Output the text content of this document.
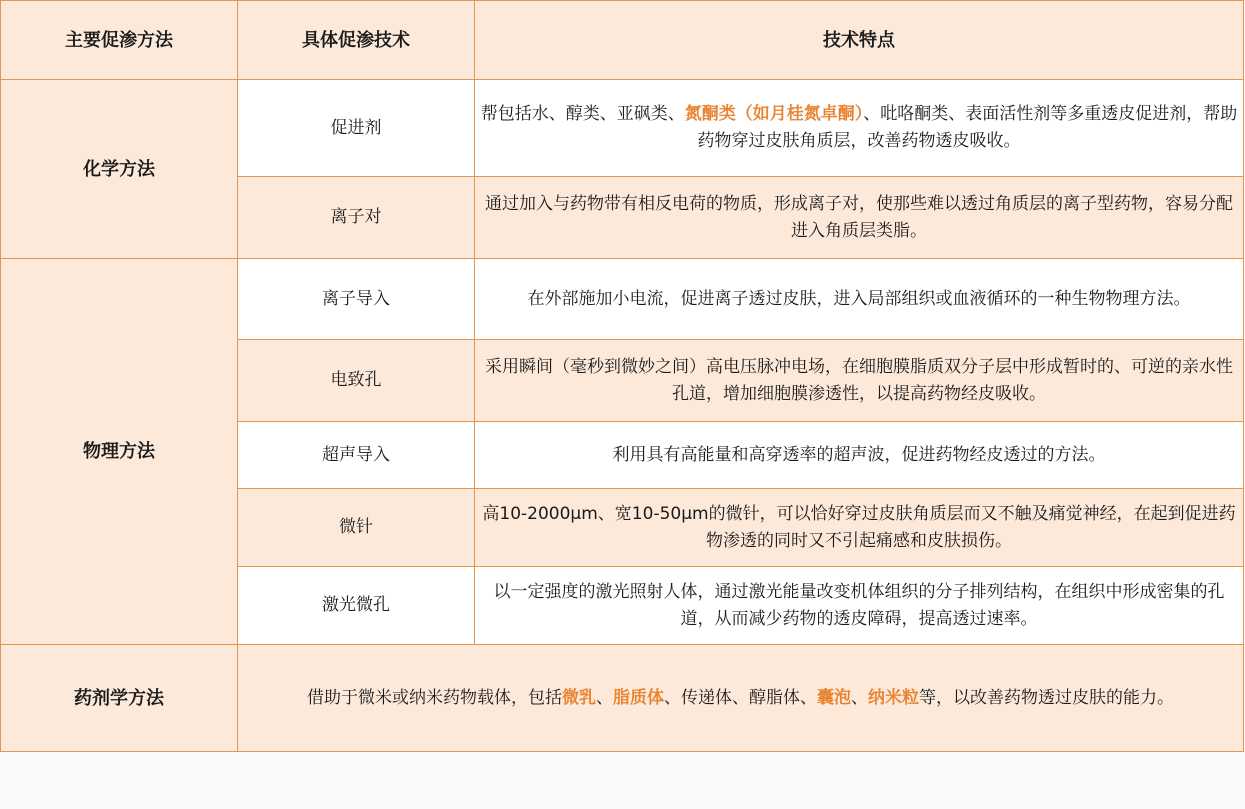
主要促渗方法	具体促渗技术	技术特点
化学方法	促进剂	帮包括水、醇类、亚砜类、氮酮类（如月桂氮卓酮）、吡咯酮类、表面活性剂等多重透皮促进剂，帮助药物穿过皮肤角质层，改善药物透皮吸收。
	离子对	通过加入与药物带有相反电荷的物质，形成离子对，使那些难以透过角质层的离子型药物，容易分配进入角质层类脂。
物理方法	离子导入	在外部施加小电流，促进离子透过皮肤，进入局部组织或血液循环的一种生物物理方法。
	电致孔	采用瞬间（毫秒到微妙之间）高电压脉冲电场，在细胞膜脂质双分子层中形成暂时的、可逆的亲水性孔道，增加细胞膜渗透性，以提高药物经皮吸收。
	超声导入	利用具有高能量和高穿透率的超声波，促进药物经皮透过的方法。
	微针	高10-2000μm、宽10-50μm的微针，可以恰好穿过皮肤角质层而又不触及痛觉神经，在起到促进药物渗透的同时又不引起痛感和皮肤损伤。
	激光微孔	以一定强度的激光照射人体，通过激光能量改变机体组织的分子排列结构，在组织中形成密集的孔道，从而减少药物的透皮障碍，提高透过速率。
药剂学方法	借助于微米或纳米药物载体，包括微乳、脂质体、传递体、醇脂体、囊泡、纳米粒等，以改善药物透过皮肤的能力。	
